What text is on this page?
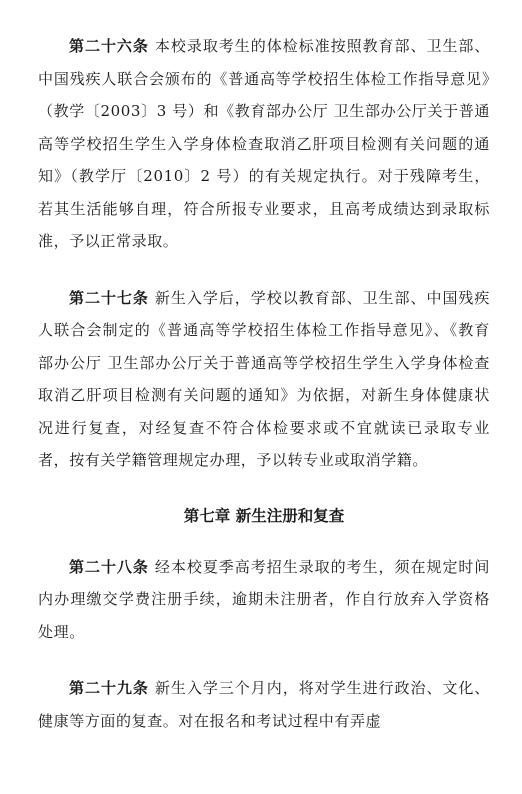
第二十六条 本校录取考生的体检标准按照教育部、卫生部、中国残疾人联合会颁布的《普通高等学校招生体检工作指导意见》（教学〔2003〕3 号）和《教育部办公厅 卫生部办公厅关于普通高等学校招生学生入学身体检查取消乙肝项目检测有关问题的通知》（教学厅〔2010〕2 号）的有关规定执行。对于残障考生，若其生活能够自理，符合所报专业要求，且高考成绩达到录取标准，予以正常录取。

第二十七条 新生入学后，学校以教育部、卫生部、中国残疾人联合会制定的《普通高等学校招生体检工作指导意见》、《教育部办公厅 卫生部办公厅关于普通高等学校招生学生入学身体检查取消乙肝项目检测有关问题的通知》为依据，对新生身体健康状况进行复查，对经复查不符合体检要求或不宜就读已录取专业者，按有关学籍管理规定办理，予以转专业或取消学籍。

第七章 新生注册和复查

第二十八条 经本校夏季高考招生录取的考生，须在规定时间内办理缴交学费注册手续，逾期未注册者，作自行放弃入学资格处理。

第二十九条 新生入学三个月内，将对学生进行政治、文化、健康等方面的复查。对在报名和考试过程中有弄虚
